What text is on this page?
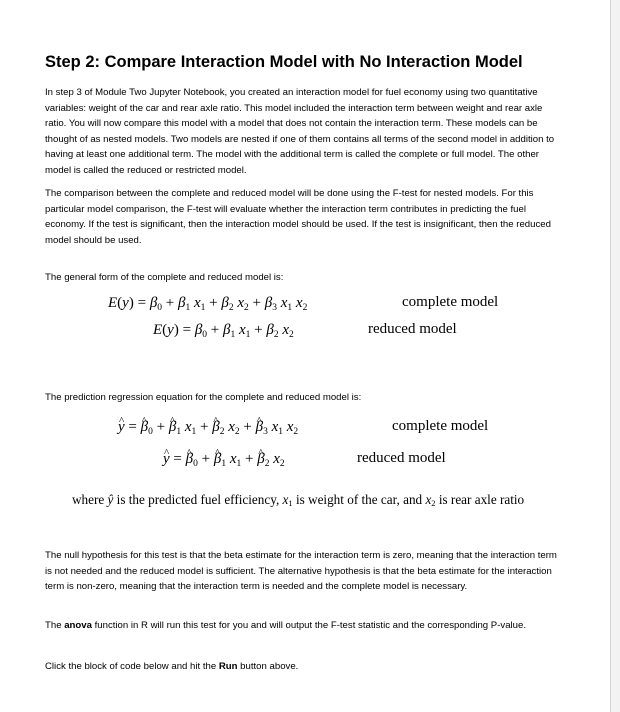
Step 2: Compare Interaction Model with No Interaction Model

In step 3 of Module Two Jupyter Notebook, you created an interaction model for fuel economy using two quantitative variables: weight of the car and rear axle ratio. This model included the interaction term between weight and rear axle ratio. You will now compare this model with a model that does not contain the interaction term. These models can be thought of as nested models. Two models are nested if one of them contains all terms of the second model in addition to having at least one additional term. The model with the additional term is called the complete or full model. The other model is called the reduced or restricted model.

The comparison between the complete and reduced model will be done using the F-test for nested models. For this particular model comparison, the F-test will evaluate whether the interaction term contributes in predicting the fuel economy. If the test is significant, then the interaction model should be used. If the test is insignificant, then the reduced model should be used.

The general form of the complete and reduced model is:

$E(y) = \beta_0 + \beta_1$ $x_1 + \beta_2$ $x_2 + \beta_3$ $x_1$ $x_2$	complete model
$E(y) = \beta_0 + \beta_1$ $x_1 + \beta_2$ $x_2$	reduced model

The prediction regression equation for the complete and reduced model is:

^ y = ^ $\beta_0$ + ^ $\beta_1$ $x_1$ + ^ $\beta_2$ $x_2$ + ^ $\beta_3$ $x_1$ $x_2$	complete model
^ y = ^ $\beta_0$ + ^ $\beta_1$ $x_1$ + ^ $\beta_2$ $x_2$	reduced model
where ŷ is the predicted fuel efficiency, $x_1$ is weight of the car, and $x_2$ is rear axle ratio

The null hypothesis for this test is that the beta estimate for the interaction term is zero, meaning that the interaction term is not needed and the reduced model is sufficient. The alternative hypothesis is that the beta estimate for the interaction term is non-zero, meaning that the interaction term is needed and the complete model is necessary.

The anova function in R will run this test for you and will output the F-test statistic and the corresponding P-value.

Click the block of code below and hit the Run button above.
